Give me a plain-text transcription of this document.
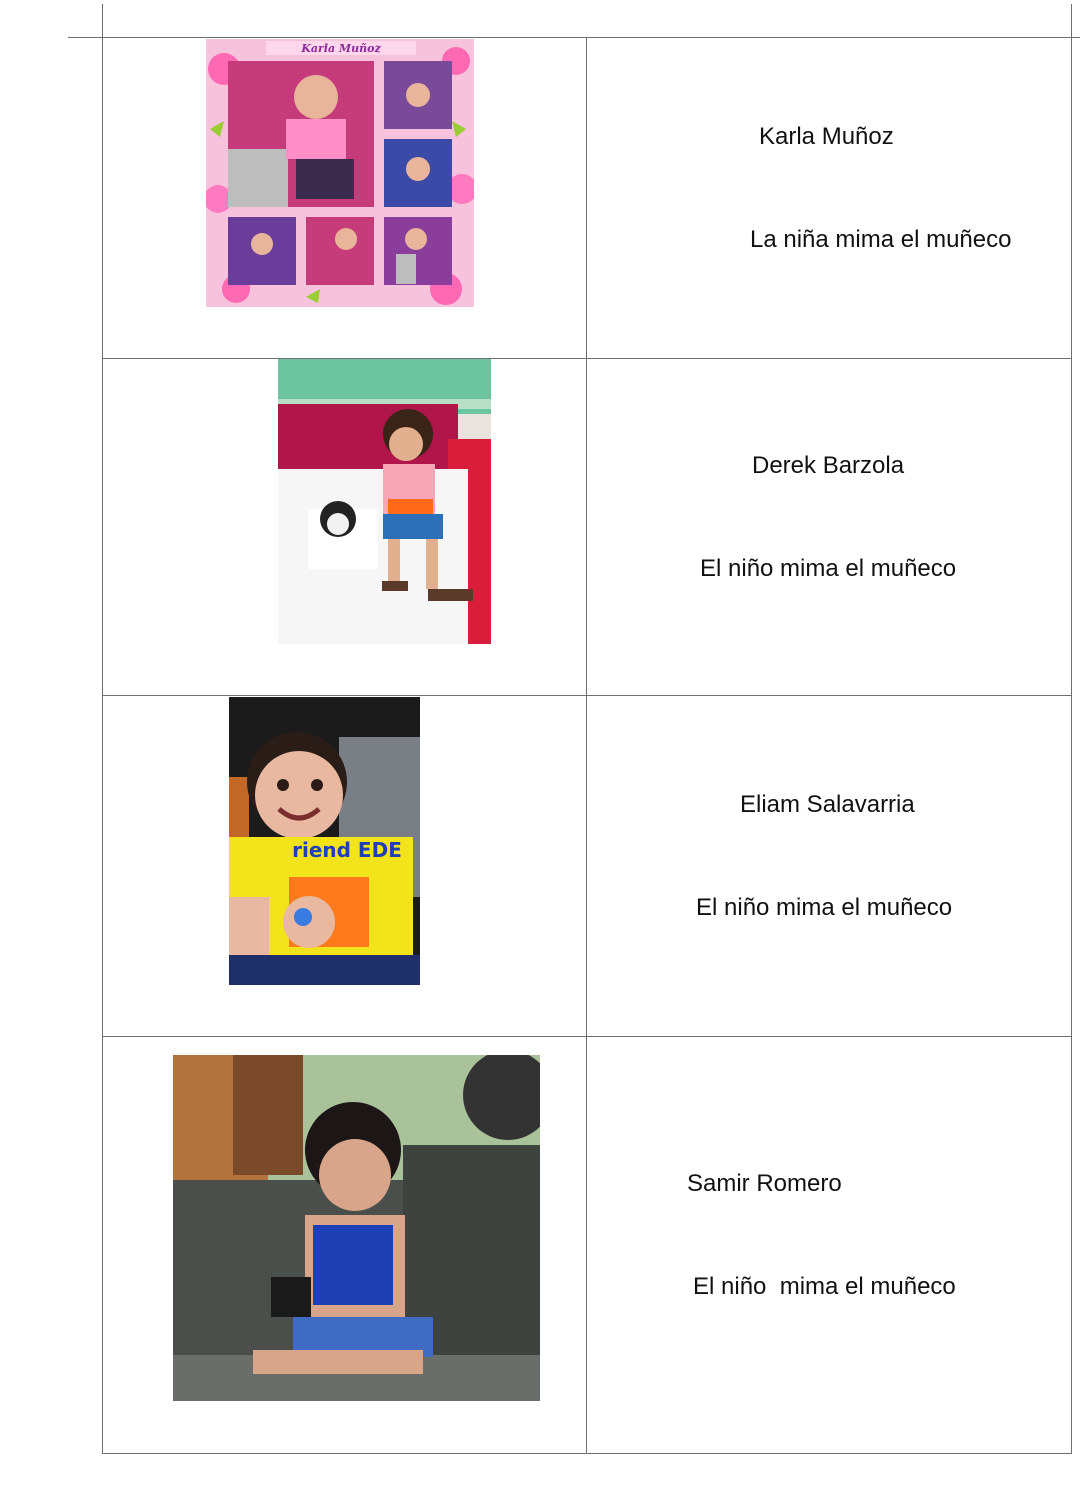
Karla Muñoz
Karla Muñoz
La niña mima el muñeco
Derek Barzola
El niño mima el muñeco
riend EDE
Eliam Salavarria
El niño mima el muñeco
Samir Romero
El niño  mima el muñeco
